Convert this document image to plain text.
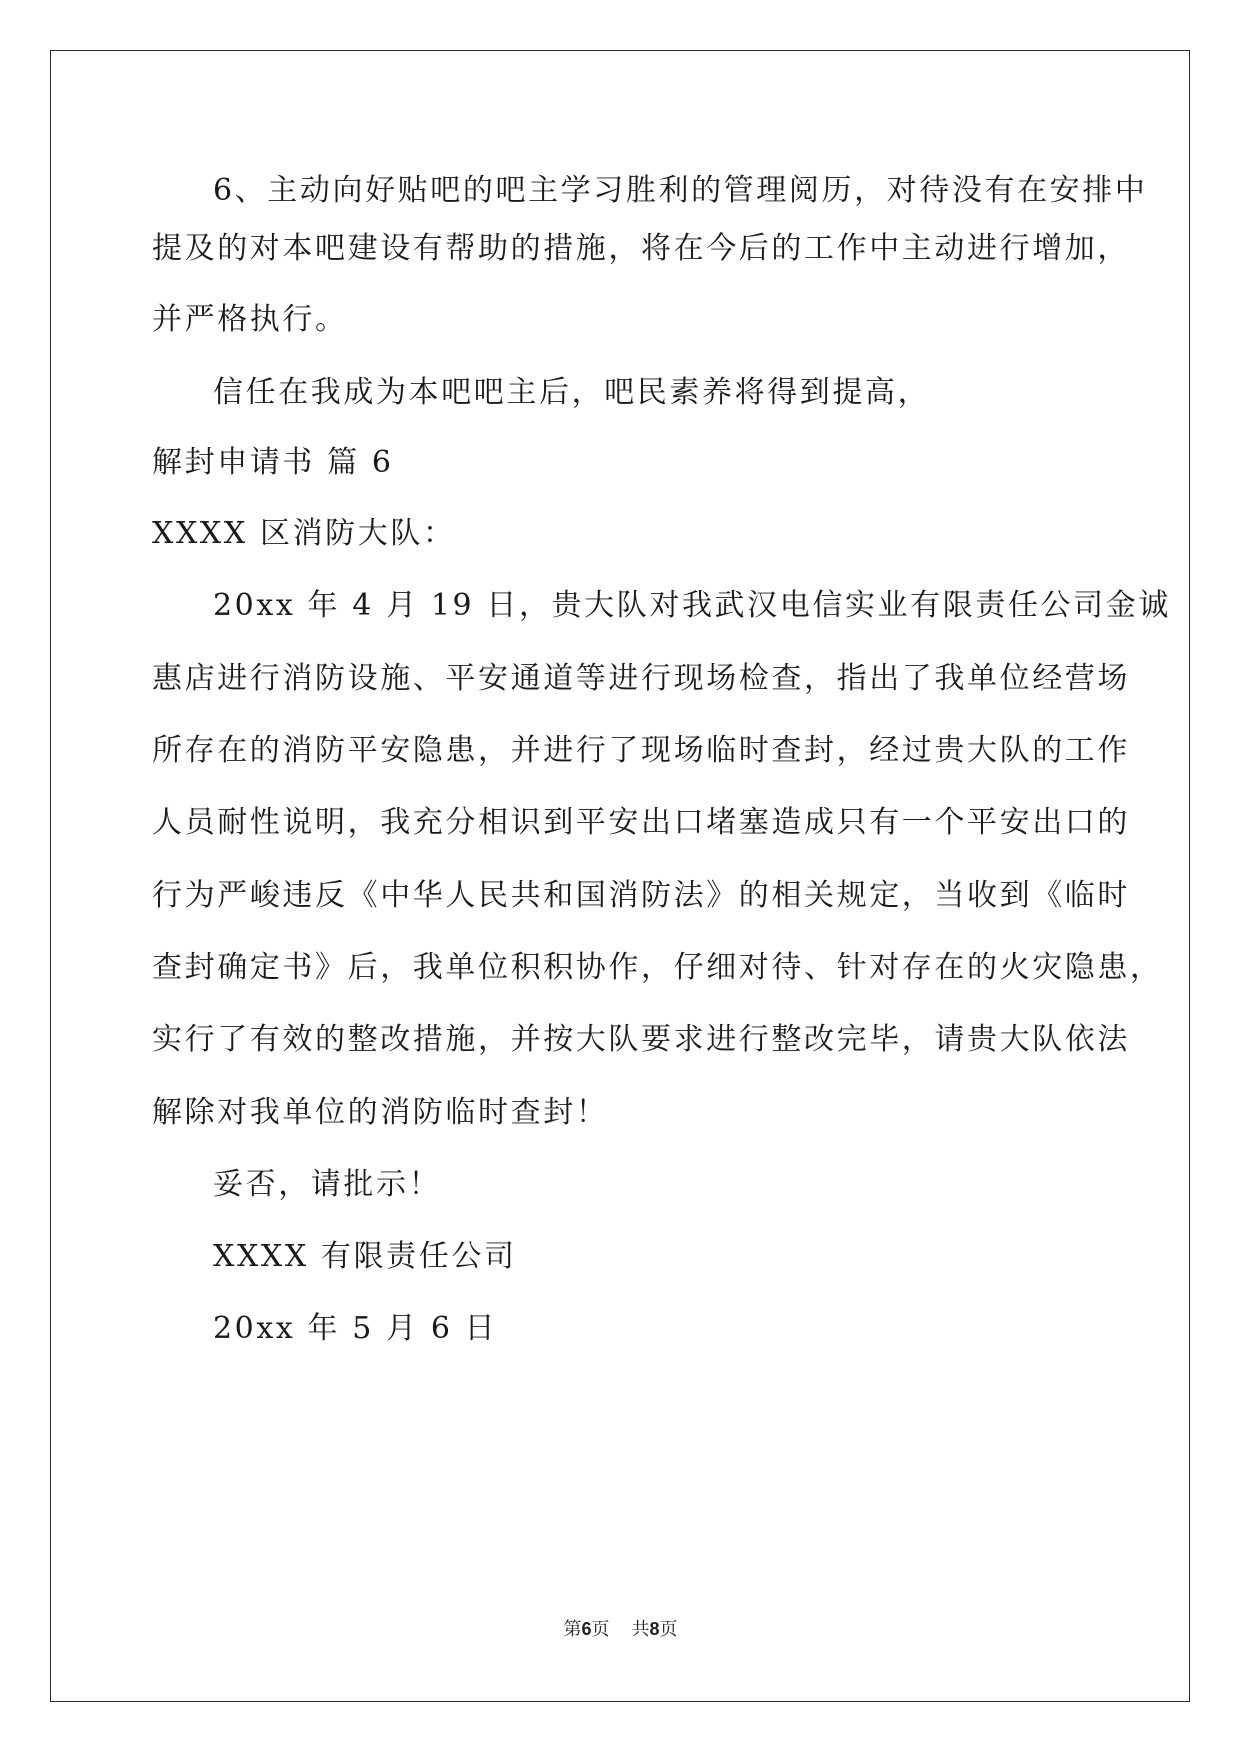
6、主动向好贴吧的吧主学习胜利的管理阅历，对待没有在安排中
提及的对本吧建设有帮助的措施，将在今后的工作中主动进行增加，
并严格执行。
信任在我成为本吧吧主后，吧民素养将得到提高，
解封申请书 篇 6
XXXX 区消防大队：
20xx 年 4 月 19 日，贵大队对我武汉电信实业有限责任公司金诚
惠店进行消防设施、平安通道等进行现场检查，指出了我单位经营场
所存在的消防平安隐患，并进行了现场临时查封，经过贵大队的工作
人员耐性说明，我充分相识到平安出口堵塞造成只有一个平安出口的
行为严峻违反《中华人民共和国消防法》的相关规定，当收到《临时
查封确定书》后，我单位积积协作，仔细对待、针对存在的火灾隐患，
实行了有效的整改措施，并按大队要求进行整改完毕，请贵大队依法
解除对我单位的消防临时查封！
妥否，请批示！
XXXX 有限责任公司
20xx 年 5 月 6 日
第6页 共8页
